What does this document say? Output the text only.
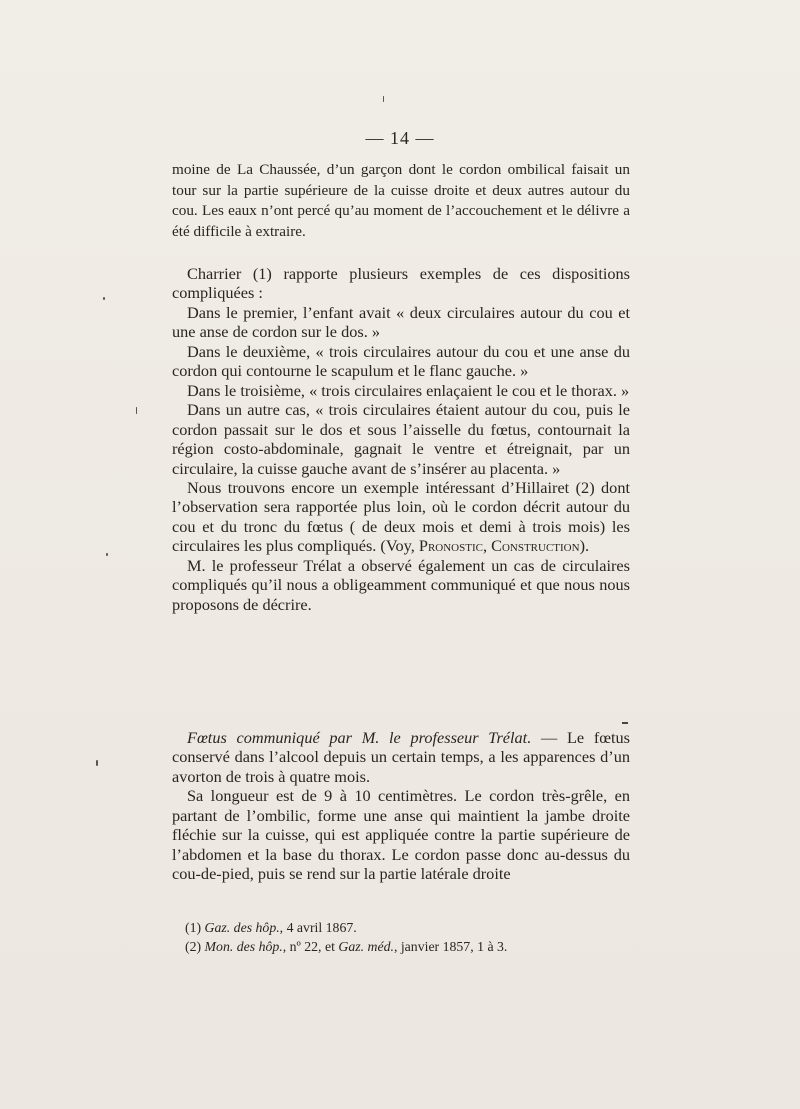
— 14 —

moine de La Chaussée, d’un garçon dont le cordon ombilical faisait un tour sur la partie supérieure de la cuisse droite et deux autres autour du cou. Les eaux n’ont percé qu’au moment de l’accouchement et le délivre a été difficile à extraire.

Charrier (1) rapporte plusieurs exemples de ces dispositions compliquées :

Dans le premier, l’enfant avait « deux circulaires autour du cou et une anse de cordon sur le dos. »

Dans le deuxième, « trois circulaires autour du cou et une anse du cordon qui contourne le scapulum et le flanc gauche. »

Dans le troisième, « trois circulaires enlaçaient le cou et le thorax. »

Dans un autre cas, « trois circulaires étaient autour du cou, puis le cordon passait sur le dos et sous l’aisselle du fœtus, contournait la région costo-abdominale, gagnait le ventre et étreignait, par un circulaire, la cuisse gauche avant de s’insérer au placenta. »

Nous trouvons encore un exemple intéressant d’Hillairet (2) dont l’observation sera rapportée plus loin, où le cordon décrit autour du cou et du tronc du fœtus ( de deux mois et demi à trois mois) les circulaires les plus compliqués. (Voy, Pronostic, Construction).

M. le professeur Trélat a observé également un cas de circulaires compliqués qu’il nous a obligeamment communiqué et que nous nous proposons de décrire.

Fœtus communiqué par M. le professeur Trélat. — Le fœtus conservé dans l’alcool depuis un certain temps, a les apparences d’un avorton de trois à quatre mois.

Sa longueur est de 9 à 10 centimètres. Le cordon très-grêle, en partant de l’ombilic, forme une anse qui maintient la jambe droite fléchie sur la cuisse, qui est appliquée contre la partie supérieure de l’abdomen et la base du thorax. Le cordon passe donc au-dessus du cou-de-pied, puis se rend sur la partie latérale droite

(1) Gaz. des hôp., 4 avril 1867.
(2) Mon. des hôp., nº 22, et Gaz. méd., janvier 1857, 1 à 3.
